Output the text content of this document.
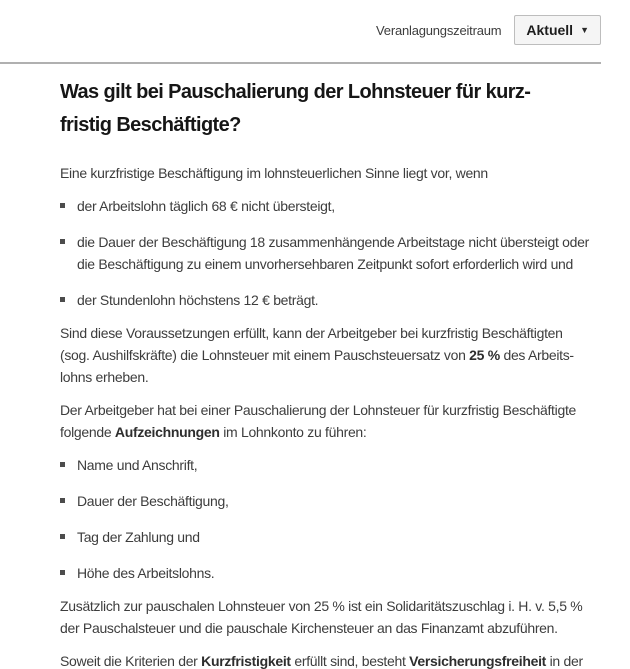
Veranlagungszeitraum Aktuell ▼
Was gilt bei Pauschalierung der Lohnsteuer für kurz-
fristig Beschäftigte?

Eine kurzfristige Beschäftigung im lohnsteuerlichen Sinne liegt vor, wenn

der Arbeitslohn täglich 68 € nicht übersteigt,
die Dauer der Beschäftigung 18 zusammenhängende Arbeitstage nicht übersteigt oder
die Beschäftigung zu einem unvorhersehbaren Zeitpunkt sofort erforderlich wird und
der Stundenlohn höchstens 12 € beträgt.

Sind diese Voraussetzungen erfüllt, kann der Arbeitgeber bei kurzfristig Beschäftigten
(sog. Aushilfskräfte) die Lohnsteuer mit einem Pauschsteuersatz von 25 % des Arbeits-
lohns erheben.

Der Arbeitgeber hat bei einer Pauschalierung der Lohnsteuer für kurzfristig Beschäftigte
folgende Aufzeichnungen im Lohnkonto zu führen:

Name und Anschrift,
Dauer der Beschäftigung,
Tag der Zahlung und
Höhe des Arbeitslohns.

Zusätzlich zur pauschalen Lohnsteuer von 25 % ist ein Solidaritätszuschlag i. H. v. 5,5 %
der Pauschalsteuer und die pauschale Kirchensteuer an das Finanzamt abzuführen.

Soweit die Kriterien der Kurzfristigkeit erfüllt sind, besteht Versicherungsfreiheit in der
